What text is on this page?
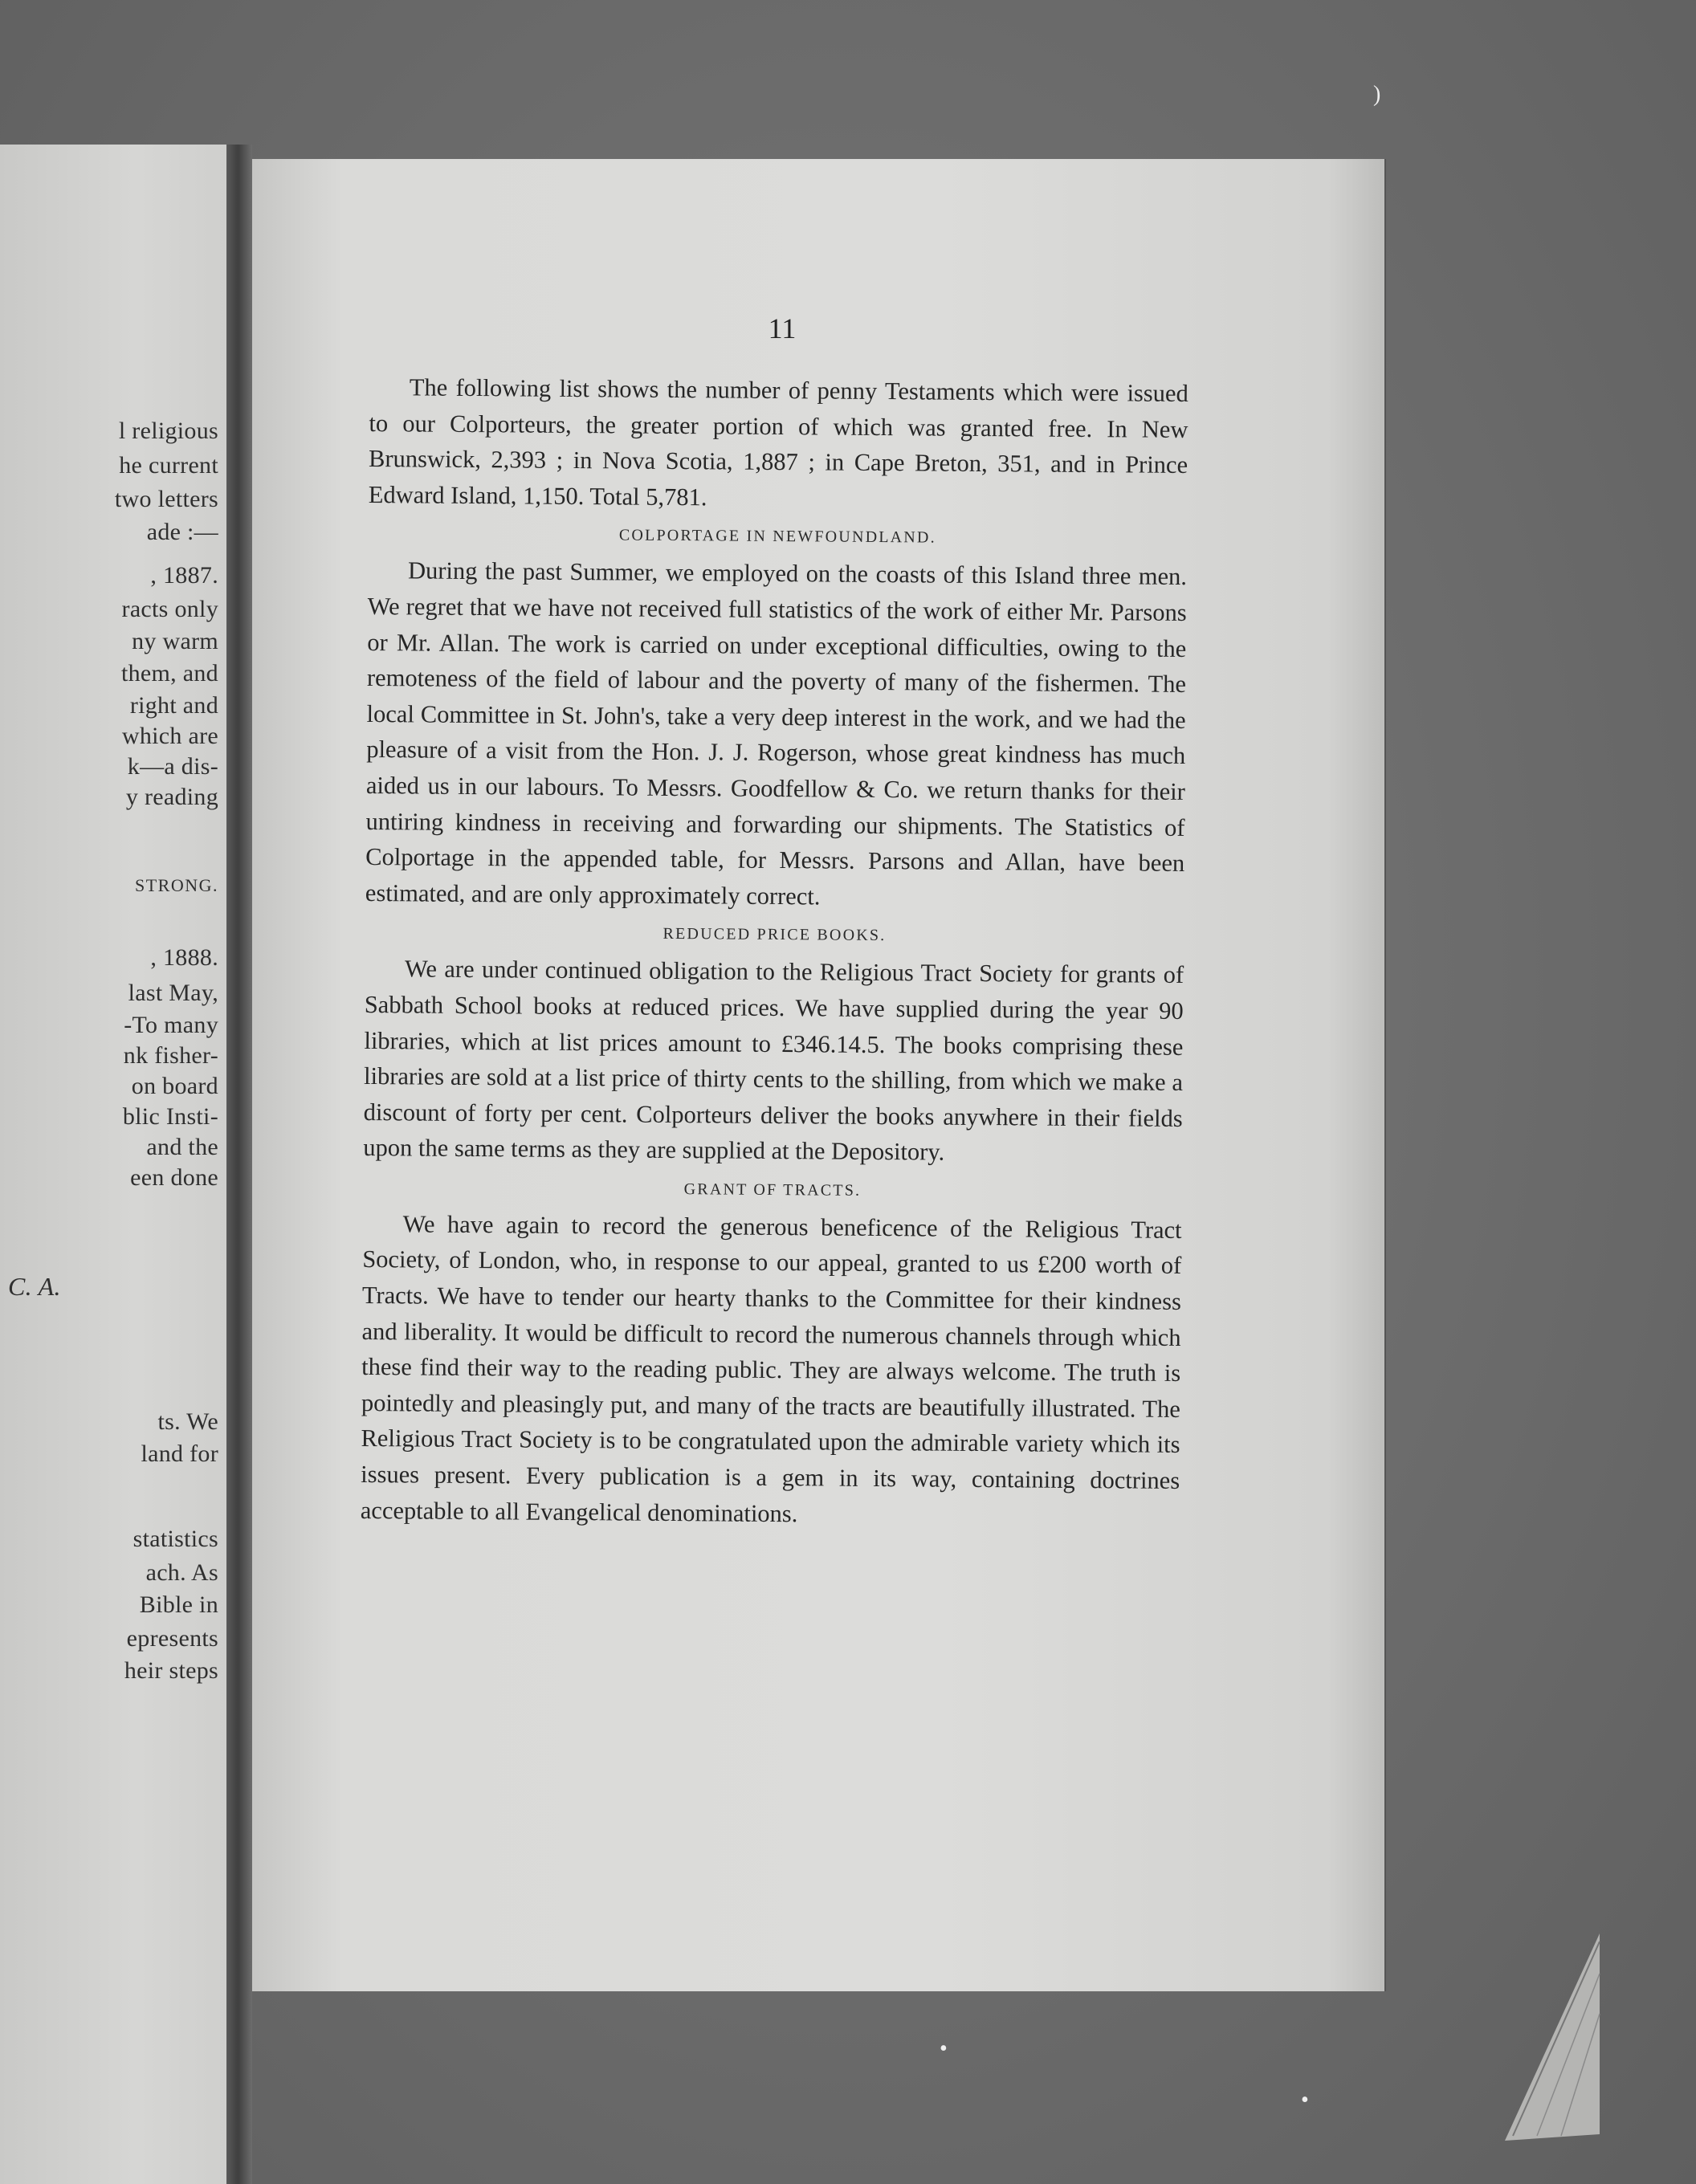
l religious
he current
two letters
ade :—
, 1887.
racts only
ny warm
them, and
right and
which are
k—a dis-
y reading
STRONG.
, 1888.
last May,
-To many
nk fisher-
on board
blic Insti-
and the
een done
C. A.
ts. We
land for
statistics
ach. As
Bible in
epresents
heir steps
11

The following list shows the number of penny Testaments which were issued to our Colporteurs, the greater portion of which was granted free. In New Brunswick, 2,393 ; in Nova Scotia, 1,887 ; in Cape Breton, 351, and in Prince Edward Island, 1,150. Total 5,781.

COLPORTAGE IN NEWFOUNDLAND.

During the past Summer, we employed on the coasts of this Island three men. We regret that we have not received full statistics of the work of either Mr. Parsons or Mr. Allan. The work is carried on under exceptional difficulties, owing to the remoteness of the field of labour and the poverty of many of the fishermen. The local Committee in St. John's, take a very deep interest in the work, and we had the pleasure of a visit from the Hon. J. J. Rogerson, whose great kindness has much aided us in our labours. To Messrs. Goodfellow & Co. we return thanks for their untiring kindness in receiving and forwarding our shipments. The Statistics of Colportage in the appended table, for Messrs. Parsons and Allan, have been estimated, and are only approximately correct.

REDUCED PRICE BOOKS.

We are under continued obligation to the Religious Tract Society for grants of Sabbath School books at reduced prices. We have supplied during the year 90 libraries, which at list prices amount to £346.14.5. The books comprising these libraries are sold at a list price of thirty cents to the shilling, from which we make a discount of forty per cent. Colporteurs deliver the books anywhere in their fields upon the same terms as they are supplied at the Depository.

GRANT OF TRACTS.

We have again to record the generous beneficence of the Religious Tract Society, of London, who, in response to our appeal, granted to us £200 worth of Tracts. We have to tender our hearty thanks to the Committee for their kindness and liberality. It would be difficult to record the numerous channels through which these find their way to the reading public. They are always welcome. The truth is pointedly and pleasingly put, and many of the tracts are beautifully illustrated. The Religious Tract Society is to be congratulated upon the admirable variety which its issues present. Every publication is a gem in its way, containing doctrines acceptable to all Evangelical denominations.

)
•
•
